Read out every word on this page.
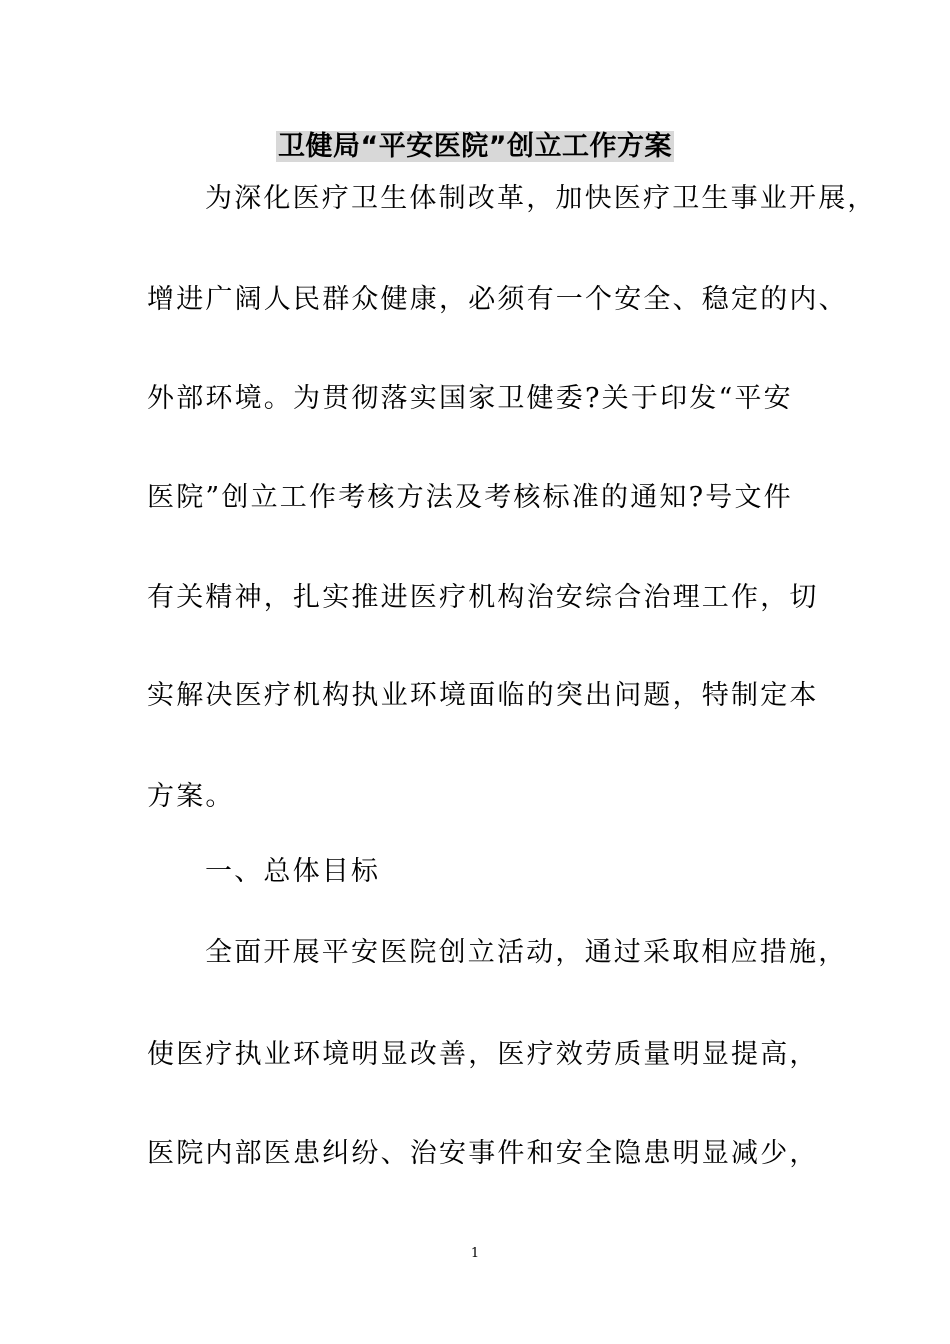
卫健局“平安医院”创立工作方案
为深化医疗卫生体制改革，加快医疗卫生事业开展，
增进广阔人民群众健康，必须有一个安全、稳定的内、
外部环境。为贯彻落实国家卫健委?关于印发“平安
医院”创立工作考核方法及考核标准的通知?号文件
有关精神，扎实推进医疗机构治安综合治理工作，切
实解决医疗机构执业环境面临的突出问题，特制定本
方案。
一、总体目标
全面开展平安医院创立活动，通过采取相应措施，
使医疗执业环境明显改善，医疗效劳质量明显提高，
医院内部医患纠纷、治安事件和安全隐患明显减少，
1
